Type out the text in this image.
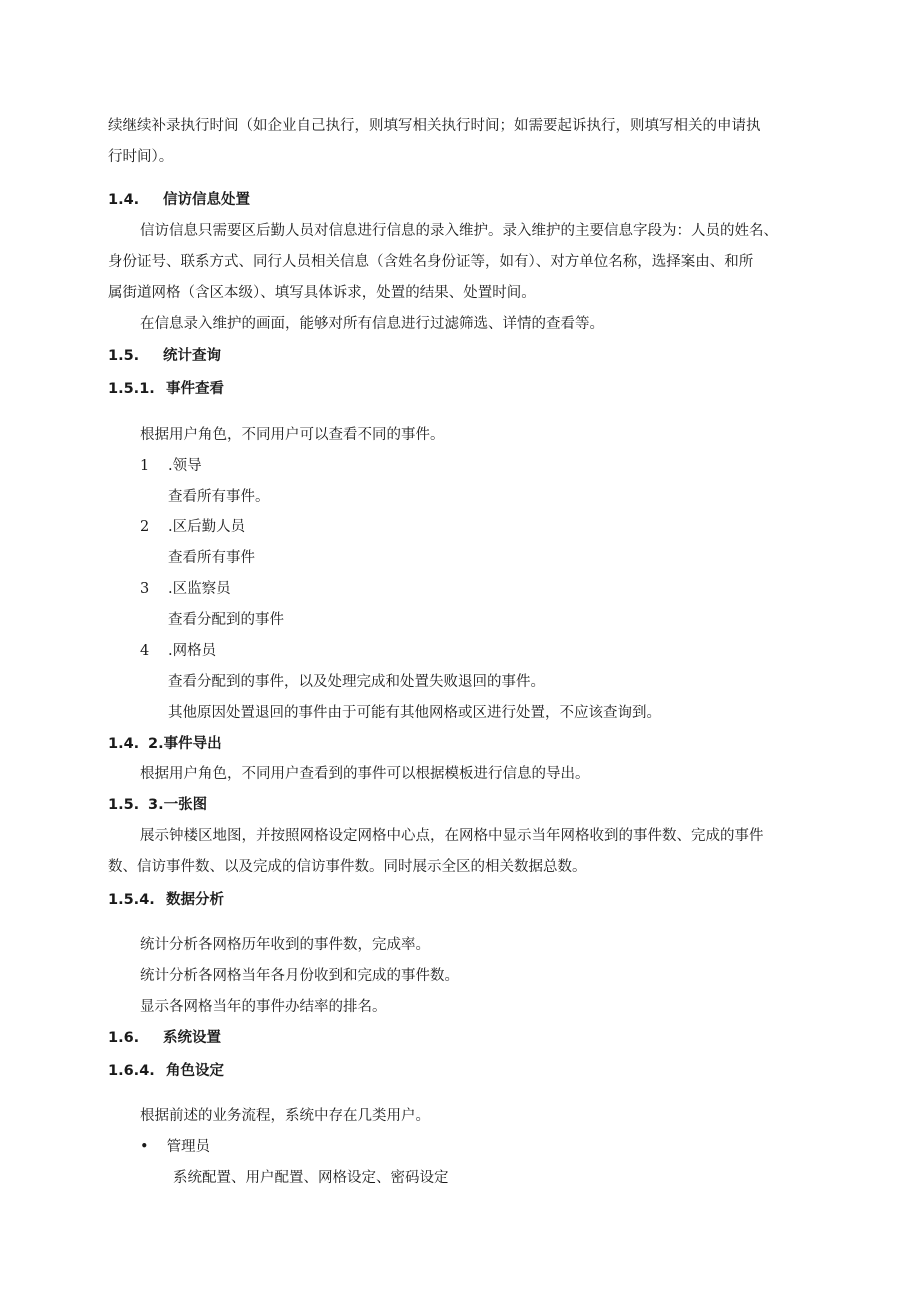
续继续补录执行时间（如企业自己执行，则填写相关执行时间；如需要起诉执行，则填写相关的申请执
行时间）。
1.4. 信访信息处置
信访信息只需要区后勤人员对信息进行信息的录入维护。录入维护的主要信息字段为：人员的姓名、
身份证号、联系方式、同行人员相关信息（含姓名身份证等，如有）、对方单位名称，选择案由、和所
属街道网格（含区本级）、填写具体诉求，处置的结果、处置时间。
在信息录入维护的画面，能够对所有信息进行过滤筛选、详情的查看等。
1.5. 统计查询
1.5.1. 事件查看
根据用户角色，不同用户可以查看不同的事件。
1 .领导
查看所有事件。
2 .区后勤人员
查看所有事件
3 .区监察员
查看分配到的事件
4 .网格员
查看分配到的事件，以及处理完成和处置失败退回的事件。
其他原因处置退回的事件由于可能有其他网格或区进行处置，不应该查询到。
1.4. 2.事件导出
根据用户角色，不同用户查看到的事件可以根据模板进行信息的导出。
1.5. 3.一张图
展示钟楼区地图，并按照网格设定网格中心点，在网格中显示当年网格收到的事件数、完成的事件
数、信访事件数、以及完成的信访事件数。同时展示全区的相关数据总数。
1.5.4. 数据分析
统计分析各网格历年收到的事件数，完成率。
统计分析各网格当年各月份收到和完成的事件数。
显示各网格当年的事件办结率的排名。
1.6. 系统设置
1.6.4. 角色设定
根据前述的业务流程，系统中存在几类用户。
• 管理员
系统配置、用户配置、网格设定、密码设定
